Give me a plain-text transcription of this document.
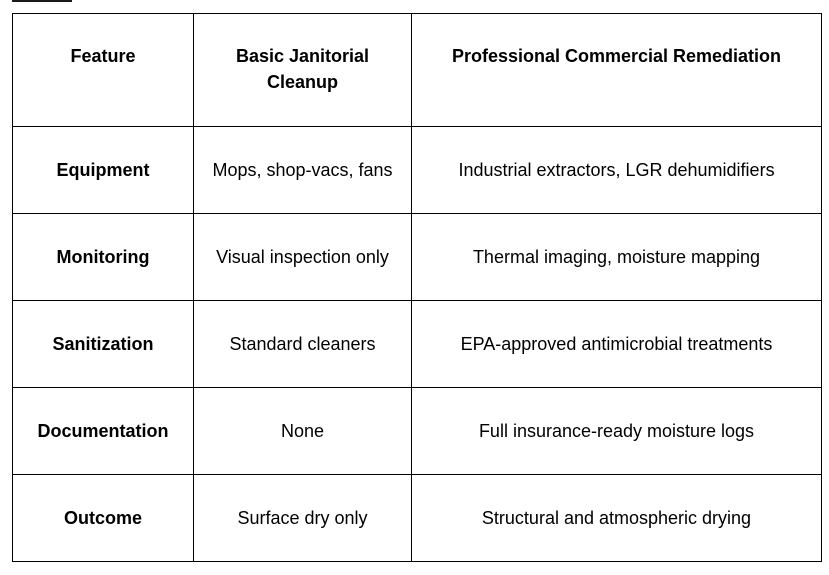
Feature	Basic Janitorial Cleanup	Professional Commercial Remediation
Equipment	Mops, shop-vacs, fans	Industrial extractors, LGR dehumidifiers
Monitoring	Visual inspection only	Thermal imaging, moisture mapping
Sanitization	Standard cleaners	EPA-approved antimicrobial treatments
Documentation	None	Full insurance-ready moisture logs
Outcome	Surface dry only	Structural and atmospheric drying
